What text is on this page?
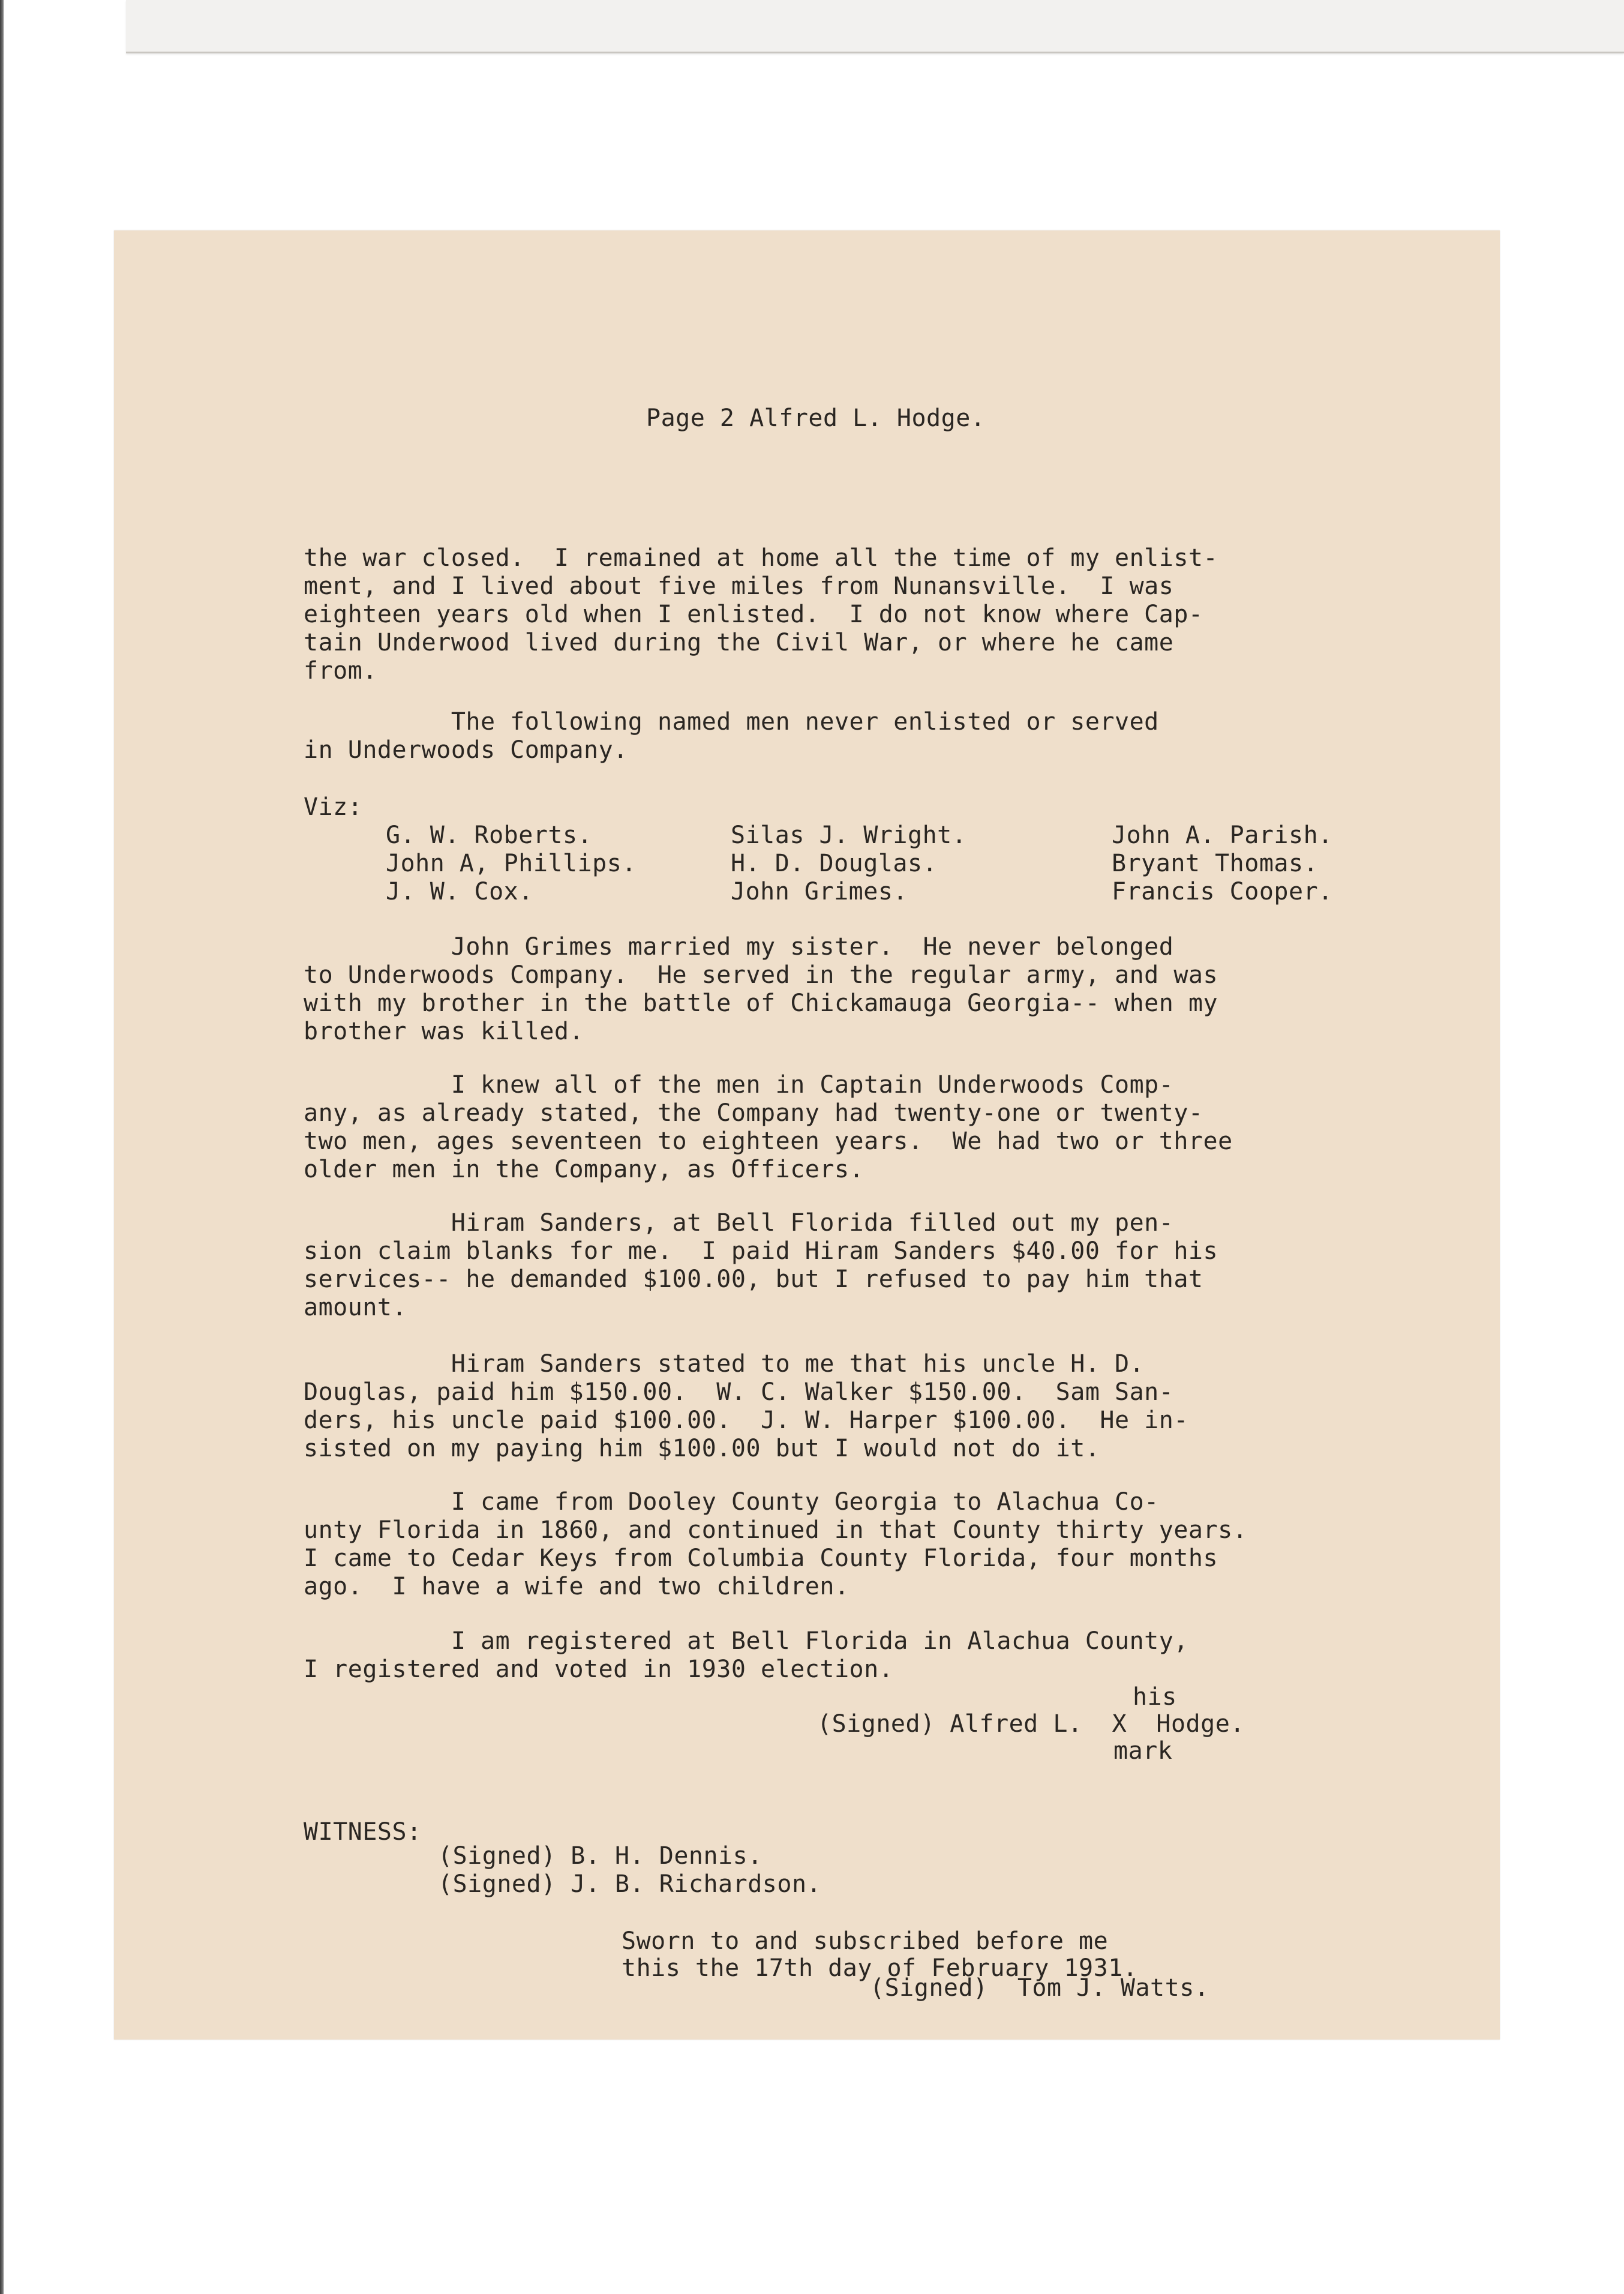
Page 2 Alfred L. Hodge.
the war closed.  I remained at home all the time of my enlist-
ment, and I lived about five miles from Nunansville.  I was
eighteen years old when I enlisted.  I do not know where Cap-
tain Underwood lived during the Civil War, or where he came
from.
The following named men never enlisted or served
in Underwoods Company.
Viz:
G. W. Roberts.
John A, Phillips.
J. W. Cox.
Silas J. Wright.
H. D. Douglas.
John Grimes.
John A. Parish.
Bryant Thomas.
Francis Cooper.
John Grimes married my sister.  He never belonged
to Underwoods Company.  He served in the regular army, and was
with my brother in the battle of Chickamauga Georgia-- when my
brother was killed.
I knew all of the men in Captain Underwoods Comp-
any, as already stated, the Company had twenty-one or twenty-
two men, ages seventeen to eighteen years.  We had two or three
older men in the Company, as Officers.
Hiram Sanders, at Bell Florida filled out my pen-
sion claim blanks for me.  I paid Hiram Sanders $40.00 for his
services-- he demanded $100.00, but I refused to pay him that
amount.
Hiram Sanders stated to me that his uncle H. D.
Douglas, paid him $150.00.  W. C. Walker $150.00.  Sam San-
ders, his uncle paid $100.00.  J. W. Harper $100.00.  He in-
sisted on my paying him $100.00 but I would not do it.
I came from Dooley County Georgia to Alachua Co-
unty Florida in 1860, and continued in that County thirty years.
I came to Cedar Keys from Columbia County Florida, four months
ago.  I have a wife and two children.
I am registered at Bell Florida in Alachua County,
I registered and voted in 1930 election.
his
(Signed) Alfred L.  X  Hodge.
mark
WITNESS:
(Signed) B. H. Dennis.
(Signed) J. B. Richardson.
Sworn to and subscribed before me
this the 17th day of February 1931.
(Signed)  Tom J. Watts.
